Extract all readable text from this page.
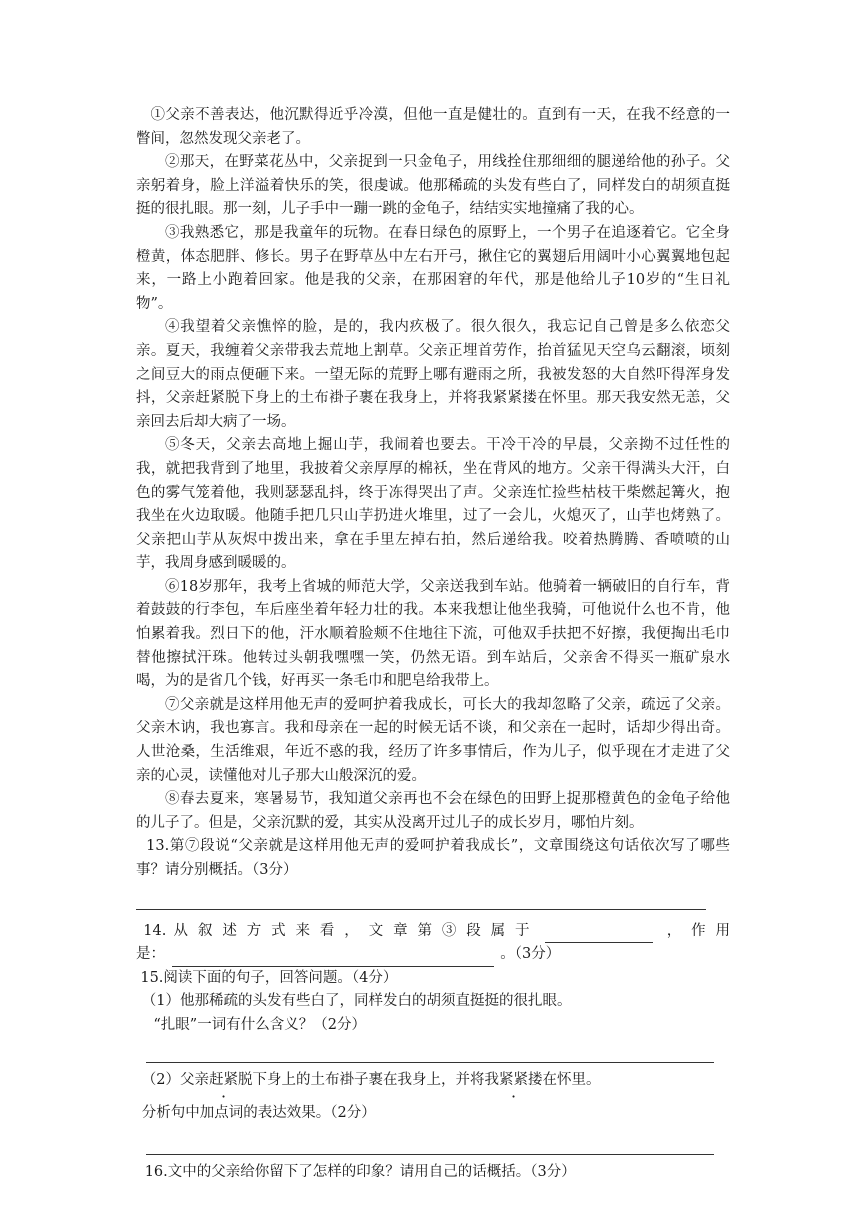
①父亲不善表达，他沉默得近乎冷漠，但他一直是健壮的。直到有一天，在我不经意的一瞥间，忽然发现父亲老了。

②那天，在野菜花丛中，父亲捉到一只金龟子，用线拴住那细细的腿递给他的孙子。父亲躬着身，脸上洋溢着快乐的笑，很虔诚。他那稀疏的头发有些白了，同样发白的胡须直挺挺的很扎眼。那一刻，儿子手中一蹦一跳的金龟子，结结实实地撞痛了我的心。

③我熟悉它，那是我童年的玩物。在春日绿色的原野上，一个男子在追逐着它。它全身橙黄，体态肥胖、修长。男子在野草丛中左右开弓，揪住它的翼翅后用阔叶小心翼翼地包起来，一路上小跑着回家。他是我的父亲，在那困窘的年代，那是他给儿子10岁的“生日礼物”。

④我望着父亲憔悴的脸，是的，我内疚极了。很久很久，我忘记自己曾是多么依恋父亲。夏天，我缠着父亲带我去荒地上割草。父亲正埋首劳作，抬首猛见天空乌云翻滚，顷刻之间豆大的雨点便砸下来。一望无际的荒野上哪有避雨之所，我被发怒的大自然吓得浑身发抖，父亲赶紧脱下身上的土布褂子裹在我身上，并将我紧紧搂在怀里。那天我安然无恙，父亲回去后却大病了一场。

⑤冬天，父亲去高地上掘山芋，我闹着也要去。干冷干冷的早晨，父亲拗不过任性的我，就把我背到了地里，我披着父亲厚厚的棉袄，坐在背风的地方。父亲干得满头大汗，白色的雾气笼着他，我则瑟瑟乱抖，终于冻得哭出了声。父亲连忙捡些枯枝干柴燃起篝火，抱我坐在火边取暖。他随手把几只山芋扔进火堆里，过了一会儿，火熄灭了，山芋也烤熟了。父亲把山芋从灰烬中拨出来，拿在手里左掉右拍，然后递给我。咬着热腾腾、香喷喷的山芋，我周身感到暖暖的。

⑥18岁那年，我考上省城的师范大学，父亲送我到车站。他骑着一辆破旧的自行车，背着鼓鼓的行李包，车后座坐着年轻力壮的我。本来我想让他坐我骑，可他说什么也不肯，他怕累着我。烈日下的他，汗水顺着脸颊不住地往下流，可他双手扶把不好擦，我便掏出毛巾替他擦拭汗珠。他转过头朝我嘿嘿一笑，仍然无语。到车站后，父亲舍不得买一瓶矿泉水喝，为的是省几个钱，好再买一条毛巾和肥皂给我带上。

⑦父亲就是这样用他无声的爱呵护着我成长，可长大的我却忽略了父亲，疏远了父亲。父亲木讷，我也寡言。我和母亲在一起的时候无话不谈，和父亲在一起时，话却少得出奇。人世沧桑，生活维艰，年近不惑的我，经历了许多事情后，作为儿子，似乎现在才走进了父亲的心灵，读懂他对儿子那大山般深沉的爱。

⑧春去夏来，寒暑易节，我知道父亲再也不会在绿色的田野上捉那橙黄色的金龟子给他的儿子了。但是，父亲沉默的爱，其实从没离开过儿子的成长岁月，哪怕片刻。

13.第⑦段说“父亲就是这样用他无声的爱呵护着我成长”，文章围绕这句话依次写了哪些事？请分别概括。（3分）

14. 从 叙 述 方 式 来 看 ， 文 章 第 ③ 段 属 于	， 作 用
是：	。（3分）

15.阅读下面的句子，回答问题。（4分）

（1）他那稀疏的头发有些白了，同样发白的胡须直挺挺的很扎眼。

“扎眼”一词有什么含义？（2分）

（2）父亲赶紧脱下身上的土布褂子裹在我身上，并将我紧紧搂在怀里。

分析句中加点词的表达效果。（2分）

16.文中的父亲给你留下了怎样的印象？请用自己的话概括。（3分）
